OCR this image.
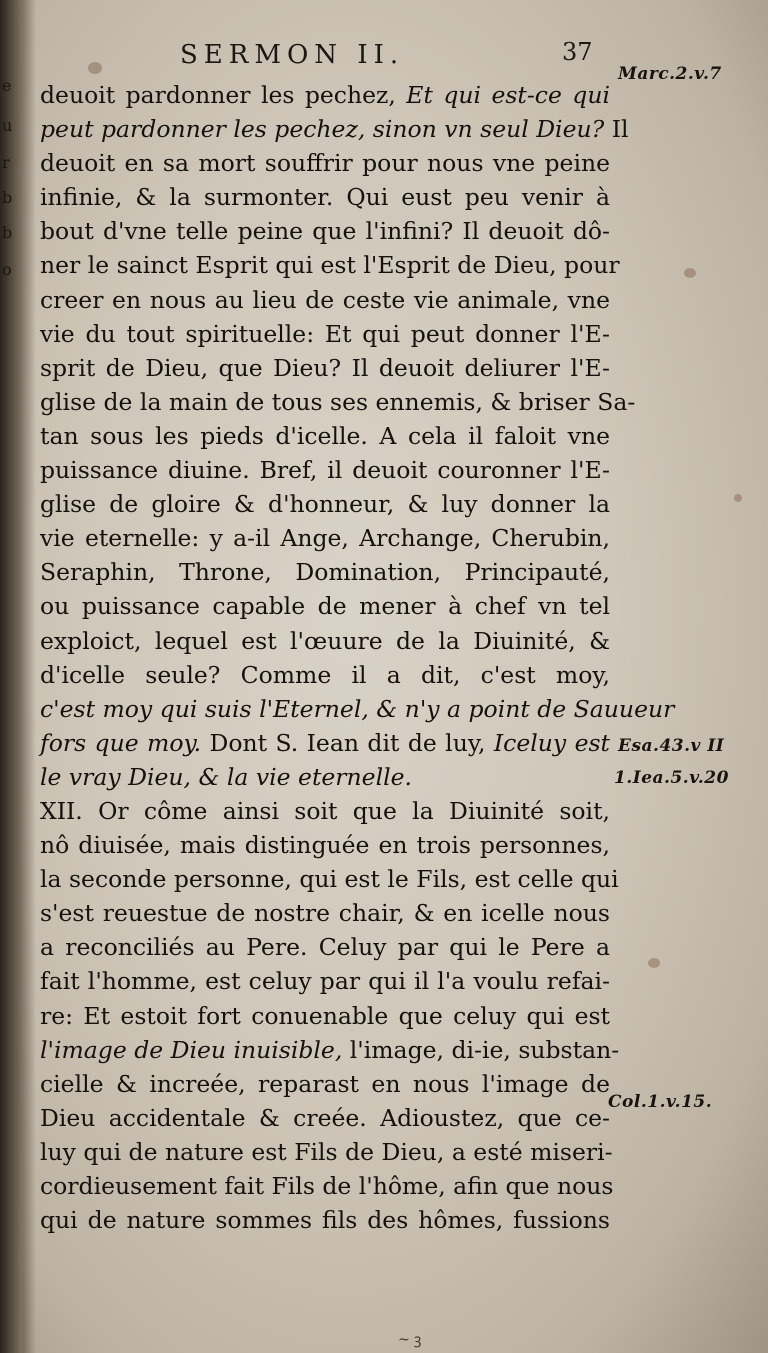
e
u
r
b
b
o
SERMON II.	37
Marc.2.v.7
Esa.43.v II
1.Iea.5.v.20
Col.1.v.15.
deuoit pardonner les pechez, Et qui est-ce qui
peut pardonner les pechez, sinon vn seul Dieu? Il
deuoit en sa mort souffrir pour nous vne peine
infinie, & la surmonter. Qui eust peu venir à
bout d'vne telle peine que l'infini? Il deuoit dô-
ner le sainct Esprit qui est l'Esprit de Dieu, pour
creer en nous au lieu de ceste vie animale, vne
vie du tout spirituelle: Et qui peut donner l'E-
sprit de Dieu, que Dieu? Il deuoit deliurer l'E-
glise de la main de tous ses ennemis, & briser Sa-
tan sous les pieds d'icelle. A cela il faloit vne
puissance diuine. Bref, il deuoit couronner l'E-
glise de gloire & d'honneur, & luy donner la
vie eternelle: y a-il Ange, Archange, Cherubin,
Seraphin, Throne, Domination, Principauté,
ou puissance capable de mener à chef vn tel
exploict, lequel est l'œuure de la Diuinité, &
d'icelle seule? Comme il a dit, c'est moy,
c'est moy qui suis l'Eternel, & n'y a point de Sauueur
fors que moy. Dont S. Iean dit de luy, Iceluy est
le vray Dieu, & la vie eternelle.
XII. Or côme ainsi soit que la Diuinité soit,
nô diuisée, mais distinguée en trois personnes,
la seconde personne, qui est le Fils, est celle qui
s'est reuestue de nostre chair, & en icelle nous
a reconciliés au Pere. Celuy par qui le Pere a
fait l'homme, est celuy par qui il l'a voulu refai-
re: Et estoit fort conuenable que celuy qui est
l'image de Dieu inuisible, l'image, di-ie, substan-
cielle & increée, reparast en nous l'image de
Dieu accidentale & creée. Adioustez, que ce-
luy qui de nature est Fils de Dieu, a esté miseri-
cordieusement fait Fils de l'hôme, afin que nous
qui de nature sommes fils des hômes, fussions
~ ꝫ
